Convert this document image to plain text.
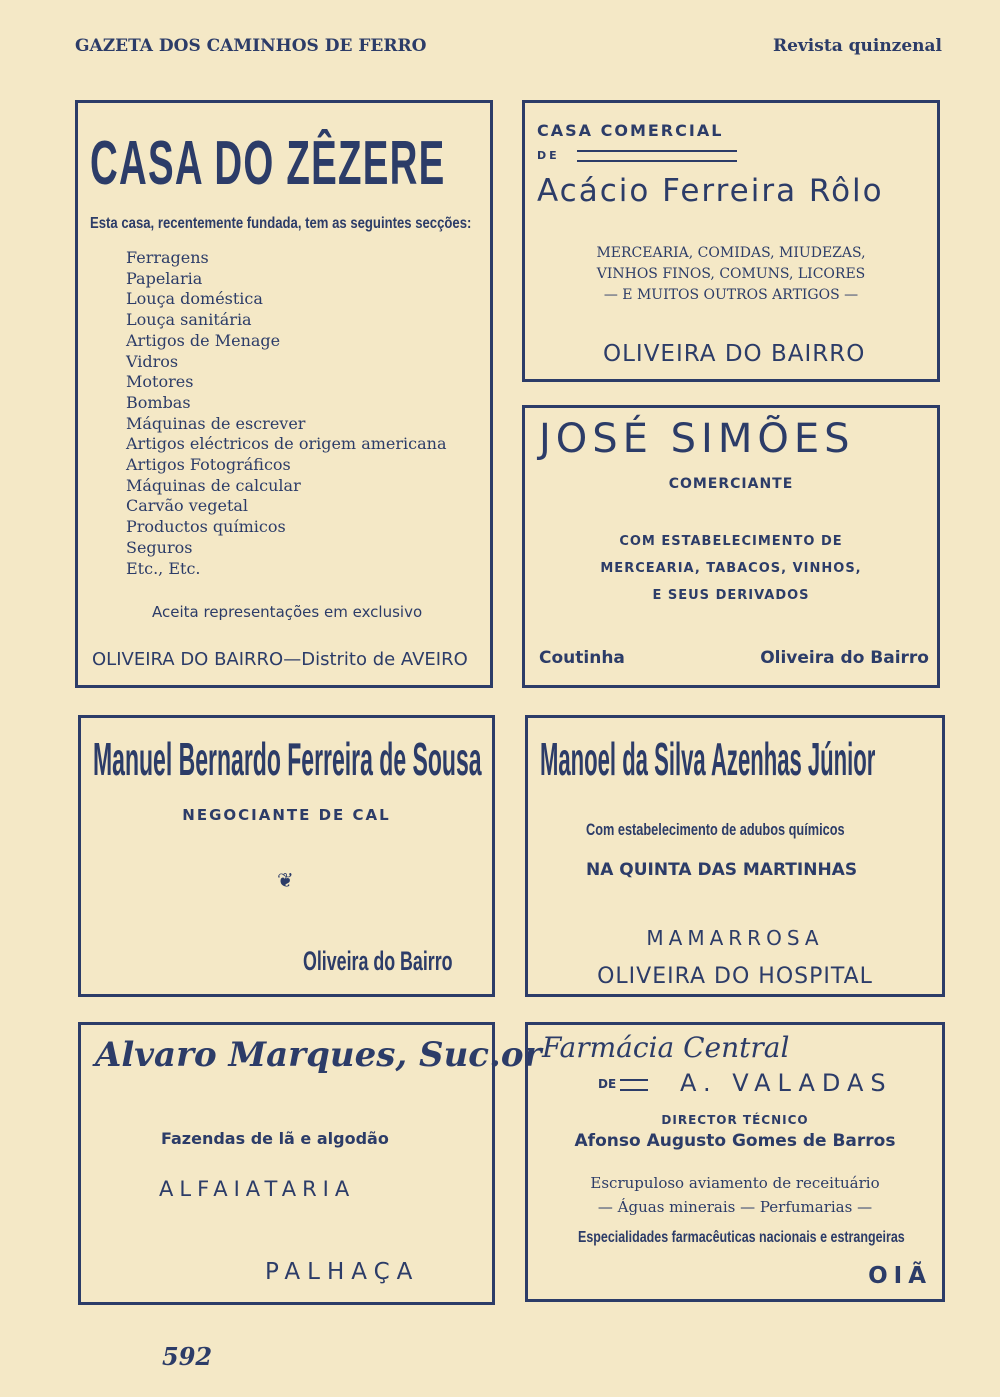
GAZETA DOS CAMINHOS DE FERRO	Revista quinzenal
CASA DO ZÊZERE
Esta casa, recentemente fundada, tem as seguintes secções:
Ferragens
Papelaria
Louça doméstica
Louça sanitária
Artigos de Menage
Vidros
Motores
Bombas
Máquinas de escrever
Artigos eléctricos de origem americana
Artigos Fotográficos
Máquinas de calcular
Carvão vegetal
Productos químicos
Seguros
Etc., Etc.
Aceita representações em exclusivo
OLIVEIRA DO BAIRRO—Distrito de AVEIRO
CASA COMERCIAL
DE
Acácio Ferreira Rôlo
MERCEARIA, COMIDAS, MIUDEZAS,
VINHOS FINOS, COMUNS, LICORES
— E MUITOS OUTROS ARTIGOS —
OLIVEIRA DO BAIRRO
JOSÉ SIMÕES
COMERCIANTE
COM ESTABELECIMENTO DE
MERCEARIA, TABACOS, VINHOS,
E SEUS DERIVADOS
Coutinha	Oliveira do Bairro
Manuel Bernardo Ferreira de Sousa
NEGOCIANTE DE CAL
❦
Oliveira do Bairro
Manoel da Silva Azenhas Júnior
Com estabelecimento de adubos químicos
NA QUINTA DAS MARTINHAS
MAMARROSA
OLIVEIRA DO HOSPITAL
Alvaro Marques, Suc.or
Fazendas de lã e algodão
ALFAIATARIA
PALHAÇA
Farmácia Central
DE	A. VALADAS
DIRECTOR TÉCNICO
Afonso Augusto Gomes de Barros
Escrupuloso aviamento de receituário
— Águas minerais — Perfumarias —
Especialidades farmacêuticas nacionais e estrangeiras
OIÃ
592
